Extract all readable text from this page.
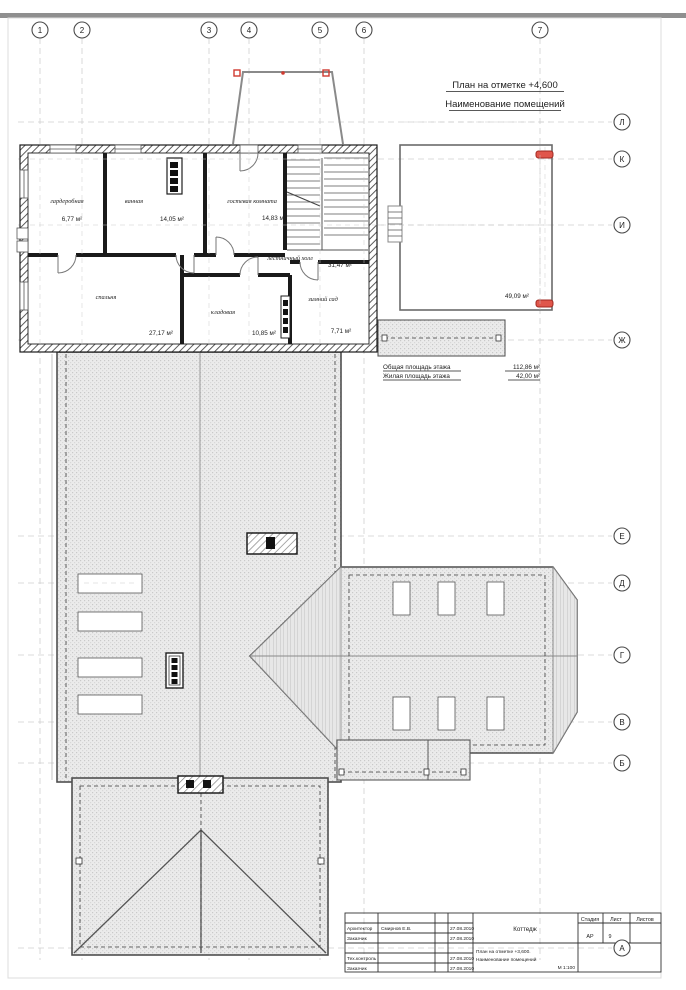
План на отметке +4,600
Наименование помещений
49,09 м²
гардеробная
6,77 м²
ванная
14,05 м²
гостевая комната
14,83 м²
лестничный холл
31,47 м²
спальня
27,17 м²
кладовая
10,85 м²
зимний сад
7,71 м²
Общая площадь этажа	112,86 м²
Жилая площадь этажа	42,00 м²
Архитектор Смирнов Е.В.	27.08.2010
Заказчик	27.08.2010
Тех.контроль	27.08.2010
Заказчик	27.08.2010
Коттедж
План на отметке +3,600.
Наименование помещений
М 1:100
Стадия Лист	Листов
АР	9
1	2	3	4	5	6	7
Л
К
И
Ж
Е
Д
Г
В
Б
А
